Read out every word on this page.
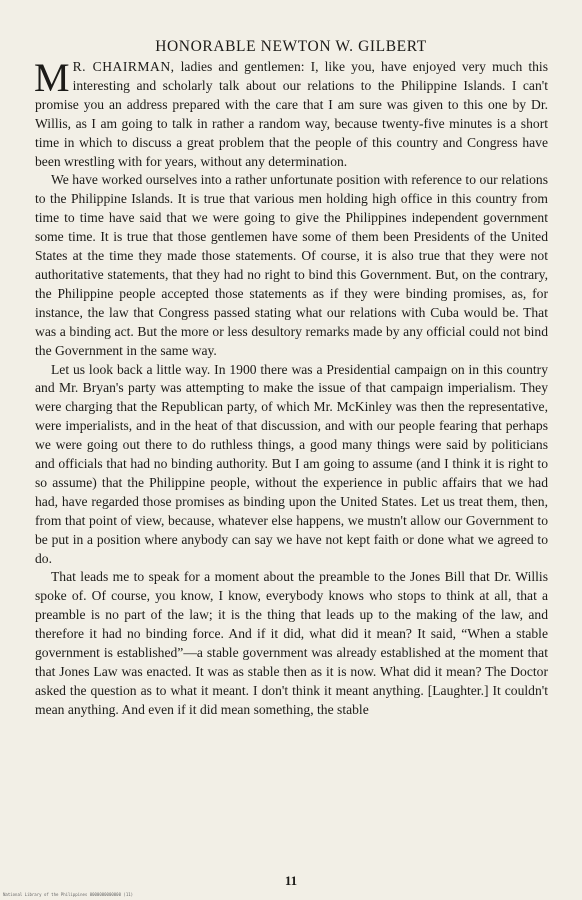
HONORABLE NEWTON W. GILBERT

M R. CHAIRMAN, ladies and gentlemen: I, like you, have enjoyed very much this interesting and scholarly talk about our relations to the Philippine Islands. I can't promise you an address prepared with the care that I am sure was given to this one by Dr. Willis, as I am going to talk in rather a random way, because twenty-five minutes is a short time in which to discuss a great problem that the people of this country and Congress have been wrestling with for years, without any determination.

We have worked ourselves into a rather unfortunate position with reference to our relations to the Philippine Islands. It is true that various men holding high office in this country from time to time have said that we were going to give the Philippines independent government some time. It is true that those gentlemen have some of them been Presidents of the United States at the time they made those statements. Of course, it is also true that they were not authoritative statements, that they had no right to bind this Government. But, on the contrary, the Philippine people accepted those statements as if they were binding promises, as, for instance, the law that Congress passed stating what our relations with Cuba would be. That was a binding act. But the more or less desultory remarks made by any official could not bind the Government in the same way.

Let us look back a little way. In 1900 there was a Presidential campaign on in this country and Mr. Bryan's party was attempting to make the issue of that campaign imperialism. They were charging that the Republican party, of which Mr. McKinley was then the representative, were imperialists, and in the heat of that discussion, and with our people fearing that perhaps we were going out there to do ruthless things, a good many things were said by politicians and officials that had no binding authority. But I am going to assume (and I think it is right to so assume) that the Philippine people, without the experience in public affairs that we had had, have regarded those promises as binding upon the United States. Let us treat them, then, from that point of view, because, whatever else happens, we mustn't allow our Government to be put in a position where anybody can say we have not kept faith or done what we agreed to do.

That leads me to speak for a moment about the preamble to the Jones Bill that Dr. Willis spoke of. Of course, you know, I know, everybody knows who stops to think at all, that a preamble is no part of the law; it is the thing that leads up to the making of the law, and therefore it had no binding force. And if it did, what did it mean? It said, “When a stable government is established”—a stable government was already established at the moment that that Jones Law was enacted. It was as stable then as it is now. What did it mean? The Doctor asked the question as to what it meant. I don't think it meant anything. [Laughter.] It couldn't mean anything. And even if it did mean something, the stable

11
National Library of the Philippines 0000000000000 (11)
